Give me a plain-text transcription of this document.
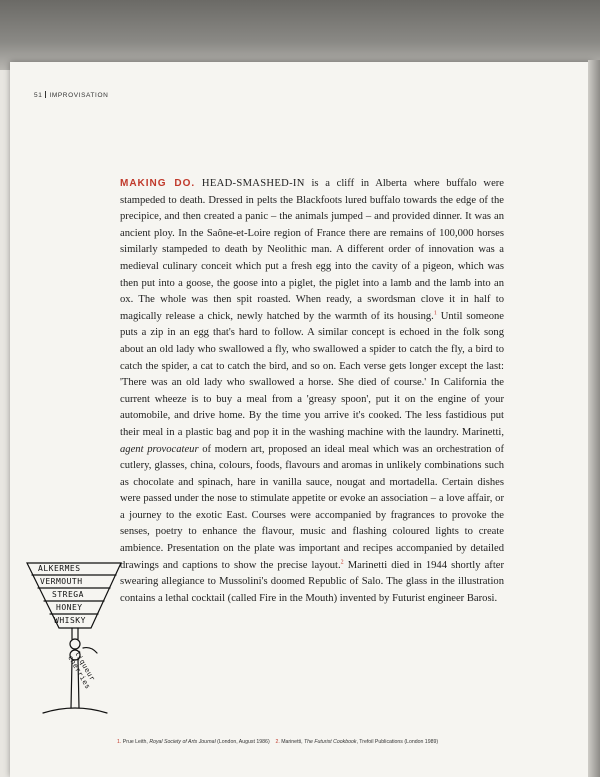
51 IMPROVISATION
MAKING DO. HEAD-SMASHED-IN is a cliff in Alberta where buffalo were stampeded to death. Dressed in pelts the Blackfoots lured buffalo towards the edge of the precipice, and then created a panic – the animals jumped – and provided dinner. It was an ancient ploy. In the Saône-et-Loire region of France there are remains of 100,000 horses similarly stampeded to death by Neolithic man. A different order of innovation was a medieval culinary conceit which put a fresh egg into the cavity of a pigeon, which was then put into a goose, the goose into a piglet, the piglet into a lamb and the lamb into an ox. The whole was then spit roasted. When ready, a swordsman clove it in half to magically release a chick, newly hatched by the warmth of its housing.$^1$ Until someone puts a zip in an egg that's hard to follow. A similar concept is echoed in the folk song about an old lady who swallowed a fly, who swallowed a spider to catch the fly, a bird to catch the spider, a cat to catch the bird, and so on. Each verse gets longer except the last: 'There was an old lady who swallowed a horse. She died of course.' In California the current wheeze is to buy a meal from a 'greasy spoon', put it on the engine of your automobile, and drive home. By the time you arrive it's cooked. The less fastidious put their meal in a plastic bag and pop it in the washing machine with the laundry. Marinetti, agent provocateur of modern art, proposed an ideal meal which was an orchestration of cutlery, glasses, china, colours, foods, flavours and aromas in unlikely combinations such as chocolate and spinach, hare in vanilla sauce, nougat and mortadella. Certain dishes were passed under the nose to stimulate appetite or evoke an association – a love affair, or a journey to the exotic East. Courses were accompanied by fragrances to provoke the senses, poetry to enhance the flavour, music and flashing coloured lights to create ambience. Presentation on the plate was important and recipes accompanied by detailed drawings and captions to show the precise layout.$^2$ Marinetti died in 1944 shortly after swearing allegiance to Mussolini's doomed Republic of Salo. The glass in the illustration contains a lethal cocktail (called Fire in the Mouth) invented by Futurist engineer Barosi.
ALKERMES
VERMOUTH
STREGA
HONEY
WHISKY
liqueur cherries
1. Prue Leith, Royal Society of Arts Journal (London, August 1986) 2. Marinetti, The Futurist Cookbook, Trefoil Publications (London 1989)
